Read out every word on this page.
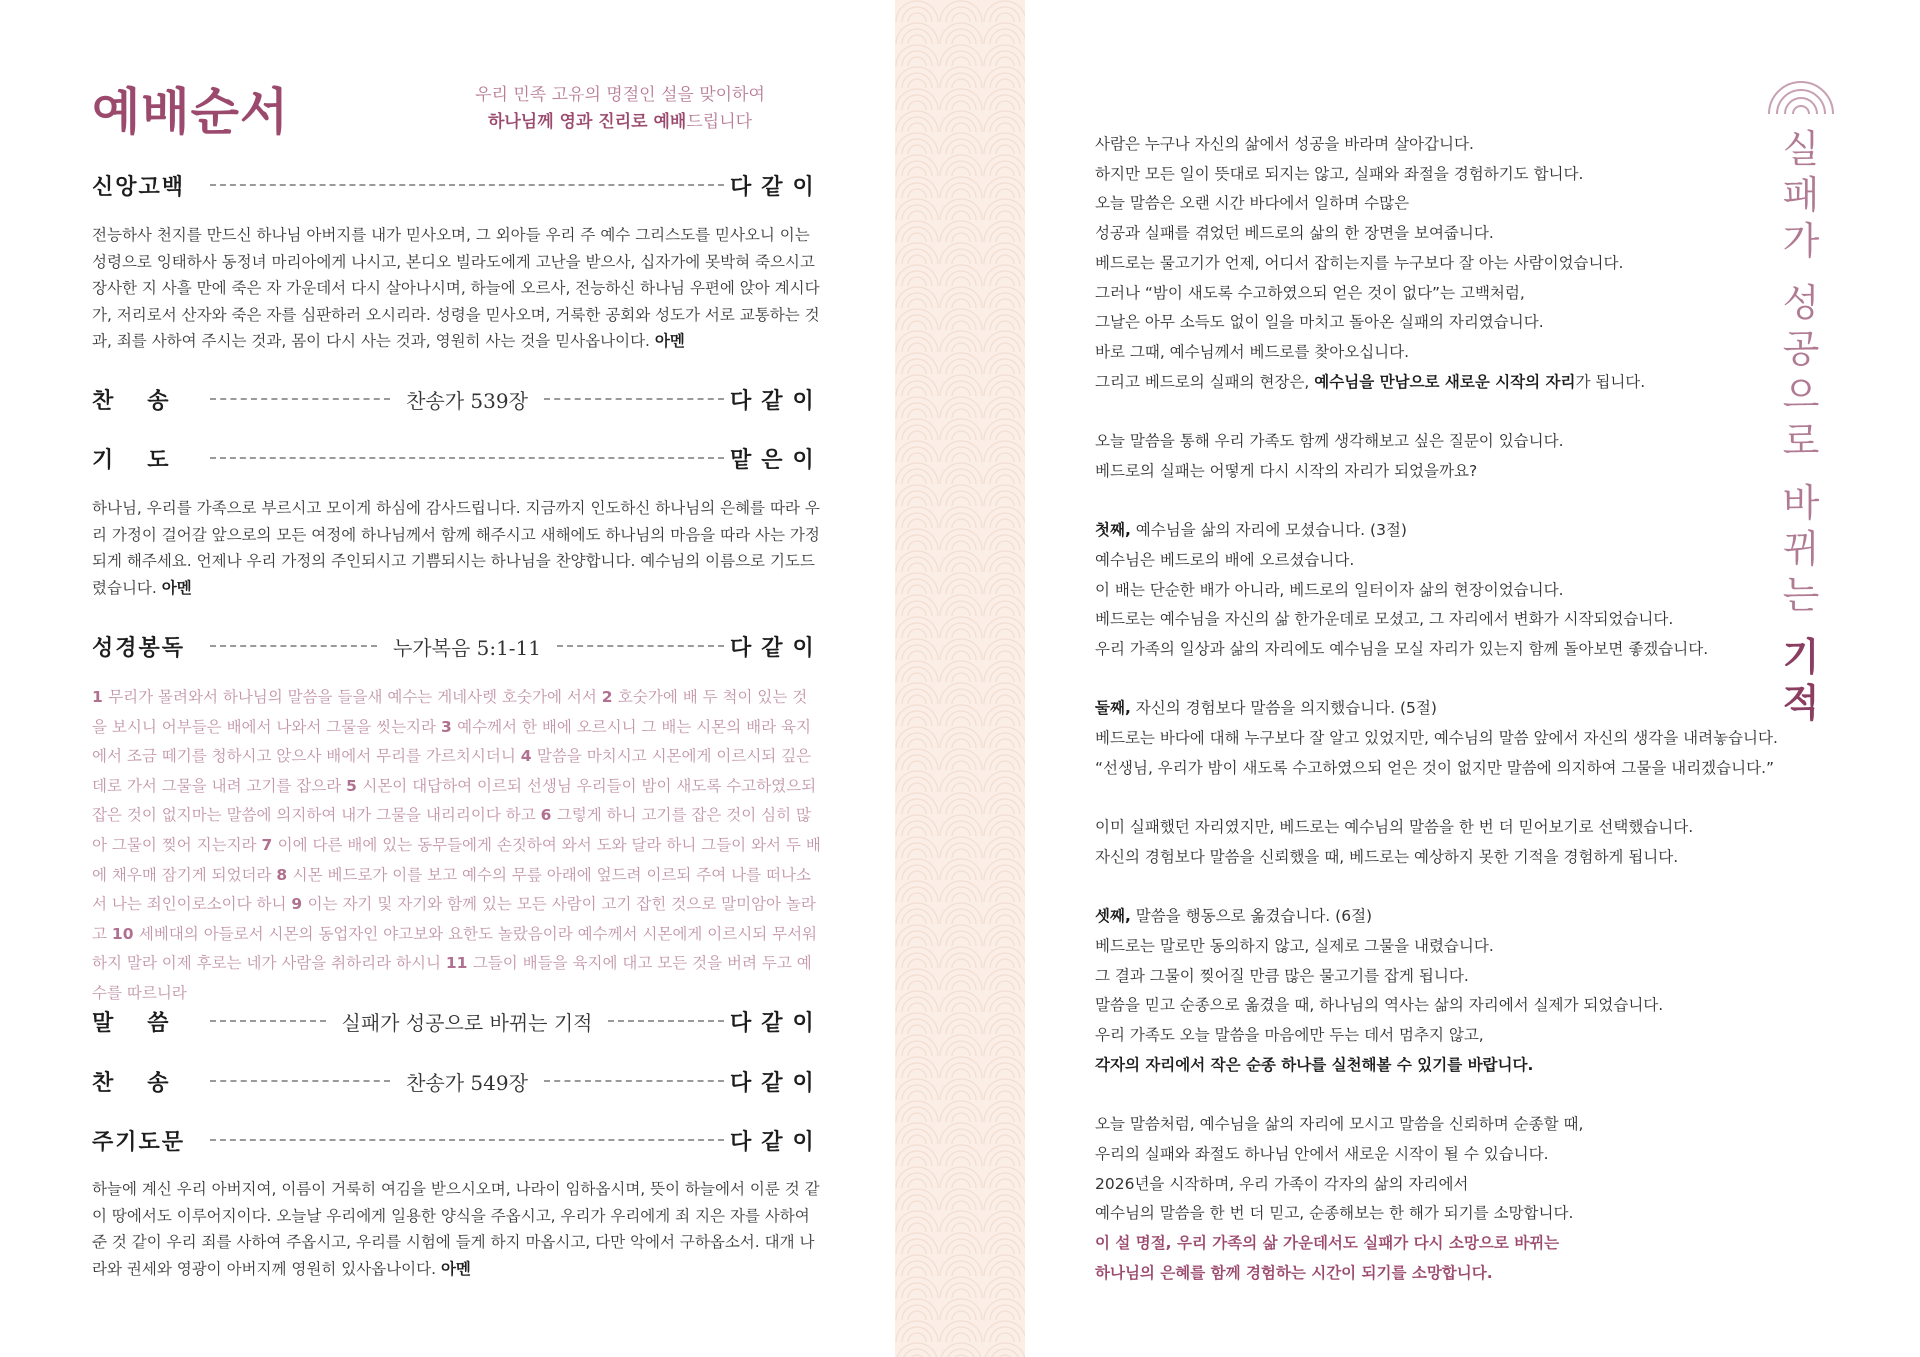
예배순서	우리 민족 고유의 명절인 설을 맞이하여
하나님께 영과 진리로 예배드립니다
신앙고백	다같이
전능하사 천지를 만드신 하나님 아버지를 내가 믿사오며, 그 외아들 우리 주 예수 그리스도를 믿사오니 이는 성령으로 잉태하사 동정녀 마리아에게 나시고, 본디오 빌라도에게 고난을 받으사, 십자가에 못박혀 죽으시고 장사한 지 사흘 만에 죽은 자 가운데서 다시 살아나시며, 하늘에 오르사, 전능하신 하나님 우편에 앉아 계시다가, 저리로서 산자와 죽은 자를 심판하러 오시리라. 성령을 믿사오며, 거룩한 공회와 성도가 서로 교통하는 것과, 죄를 사하여 주시는 것과, 몸이 다시 사는 것과, 영원히 사는 것을 믿사옵나이다. 아멘
찬송	찬송가 539장	다같이
기도	맡은이
하나님, 우리를 가족으로 부르시고 모이게 하심에 감사드립니다. 지금까지 인도하신 하나님의 은혜를 따라 우리 가정이 걸어갈 앞으로의 모든 여정에 하나님께서 함께 해주시고 새해에도 하나님의 마음을 따라 사는 가정되게 해주세요. 언제나 우리 가정의 주인되시고 기쁨되시는 하나님을 찬양합니다. 예수님의 이름으로 기도드렸습니다. 아멘
성경봉독	누가복음 5:1-11	다같이
1 무리가 몰려와서 하나님의 말씀을 들을새 예수는 게네사렛 호숫가에 서서 2 호숫가에 배 두 척이 있는 것을 보시니 어부들은 배에서 나와서 그물을 씻는지라 3 예수께서 한 배에 오르시니 그 배는 시몬의 배라 육지에서 조금 떼기를 청하시고 앉으사 배에서 무리를 가르치시더니 4 말씀을 마치시고 시몬에게 이르시되 깊은 데로 가서 그물을 내려 고기를 잡으라 5 시몬이 대답하여 이르되 선생님 우리들이 밤이 새도록 수고하였으되 잡은 것이 없지마는 말씀에 의지하여 내가 그물을 내리리이다 하고 6 그렇게 하니 고기를 잡은 것이 심히 많아 그물이 찢어 지는지라 7 이에 다른 배에 있는 동무들에게 손짓하여 와서 도와 달라 하니 그들이 와서 두 배에 채우매 잠기게 되었더라 8 시몬 베드로가 이를 보고 예수의 무릎 아래에 엎드려 이르되 주여 나를 떠나소서 나는 죄인이로소이다 하니 9 이는 자기 및 자기와 함께 있는 모든 사람이 고기 잡힌 것으로 말미암아 놀라고 10 세베대의 아들로서 시몬의 동업자인 야고보와 요한도 놀랐음이라 예수께서 시몬에게 이르시되 무서워하지 말라 이제 후로는 네가 사람을 취하리라 하시니 11 그들이 배들을 육지에 대고 모든 것을 버려 두고 예수를 따르니라
말씀	실패가 성공으로 바뀌는 기적	다같이
찬송	찬송가 549장	다같이
주기도문	다같이
하늘에 계신 우리 아버지여, 이름이 거룩히 여김을 받으시오며, 나라이 임하옵시며, 뜻이 하늘에서 이룬 것 같이 땅에서도 이루어지이다. 오늘날 우리에게 일용한 양식을 주옵시고, 우리가 우리에게 죄 지은 자를 사하여 준 것 같이 우리 죄를 사하여 주옵시고, 우리를 시험에 들게 하지 마옵시고, 다만 악에서 구하옵소서. 대개 나라와 권세와 영광이 아버지께 영원히 있사옵나이다. 아멘

사람은 누구나 자신의 삶에서 성공을 바라며 살아갑니다.

하지만 모든 일이 뜻대로 되지는 않고, 실패와 좌절을 경험하기도 합니다.

오늘 말씀은 오랜 시간 바다에서 일하며 수많은

성공과 실패를 겪었던 베드로의 삶의 한 장면을 보여줍니다.

베드로는 물고기가 언제, 어디서 잡히는지를 누구보다 잘 아는 사람이었습니다.

그러나 “밤이 새도록 수고하였으되 얻은 것이 없다”는 고백처럼,

그날은 아무 소득도 없이 일을 마치고 돌아온 실패의 자리였습니다.

바로 그때, 예수님께서 베드로를 찾아오십니다.

그리고 베드로의 실패의 현장은, 예수님을 만남으로 새로운 시작의 자리가 됩니다.

오늘 말씀을 통해 우리 가족도 함께 생각해보고 싶은 질문이 있습니다.

베드로의 실패는 어떻게 다시 시작의 자리가 되었을까요?

첫째, 예수님을 삶의 자리에 모셨습니다. (3절)

예수님은 베드로의 배에 오르셨습니다.

이 배는 단순한 배가 아니라, 베드로의 일터이자 삶의 현장이었습니다.

베드로는 예수님을 자신의 삶 한가운데로 모셨고, 그 자리에서 변화가 시작되었습니다.

우리 가족의 일상과 삶의 자리에도 예수님을 모실 자리가 있는지 함께 돌아보면 좋겠습니다.

둘째, 자신의 경험보다 말씀을 의지했습니다. (5절)

베드로는 바다에 대해 누구보다 잘 알고 있었지만, 예수님의 말씀 앞에서 자신의 생각을 내려놓습니다.

“선생님, 우리가 밤이 새도록 수고하였으되 얻은 것이 없지만 말씀에 의지하여 그물을 내리겠습니다.”

이미 실패했던 자리였지만, 베드로는 예수님의 말씀을 한 번 더 믿어보기로 선택했습니다.

자신의 경험보다 말씀을 신뢰했을 때, 베드로는 예상하지 못한 기적을 경험하게 됩니다.

셋째, 말씀을 행동으로 옮겼습니다. (6절)

베드로는 말로만 동의하지 않고, 실제로 그물을 내렸습니다.

그 결과 그물이 찢어질 만큼 많은 물고기를 잡게 됩니다.

말씀을 믿고 순종으로 옮겼을 때, 하나님의 역사는 삶의 자리에서 실제가 되었습니다.

우리 가족도 오늘 말씀을 마음에만 두는 데서 멈추지 않고,

각자의 자리에서 작은 순종 하나를 실천해볼 수 있기를 바랍니다.

오늘 말씀처럼, 예수님을 삶의 자리에 모시고 말씀을 신뢰하며 순종할 때,

우리의 실패와 좌절도 하나님 안에서 새로운 시작이 될 수 있습니다.

2026년을 시작하며, 우리 가족이 각자의 삶의 자리에서

예수님의 말씀을 한 번 더 믿고, 순종해보는 한 해가 되기를 소망합니다.

이 설 명절, 우리 가족의 삶 가운데서도 실패가 다시 소망으로 바뀌는

하나님의 은혜를 함께 경험하는 시간이 되기를 소망합니다.

실
패
가
성
공
으
로
바
뀌
는
기
적
